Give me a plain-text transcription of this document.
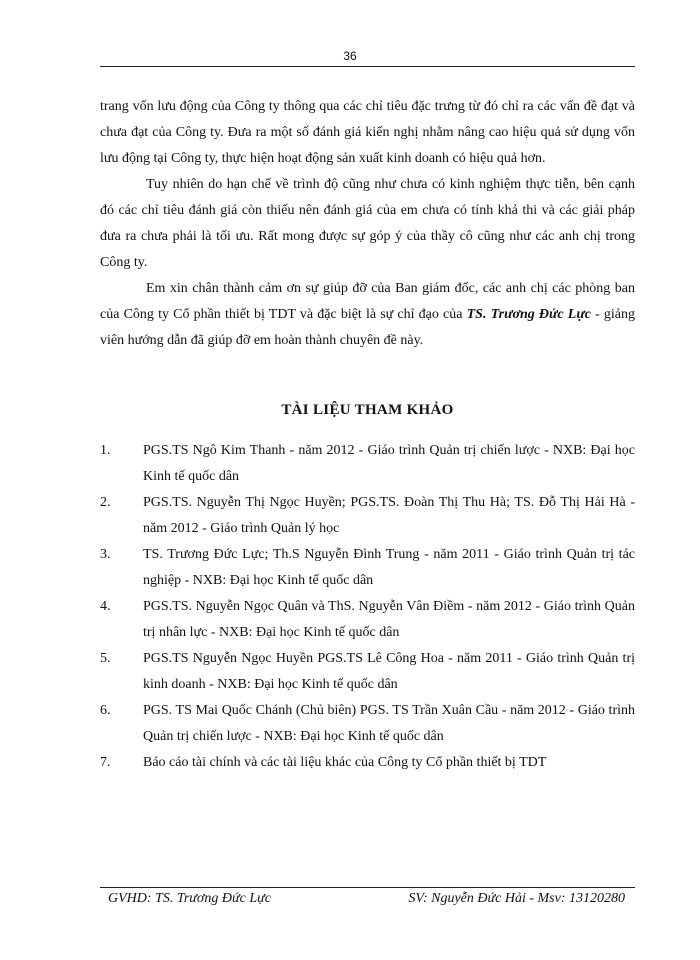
36

trang vốn lưu động của Công ty thông qua các chỉ tiêu đặc trưng từ đó chỉ ra các vấn đề đạt và chưa đạt của Công ty. Đưa ra một số đánh giá kiến nghị nhằm nâng cao hiệu quả sử dụng vốn lưu động tại Công ty, thực hiện hoạt động sản xuất kinh doanh có hiệu quả hơn.

Tuy nhiên do hạn chế về trình độ cũng như chưa có kinh nghiệm thực tiễn, bên cạnh đó các chỉ tiêu đánh giá còn thiếu nên đánh giá của em chưa có tính khả thi và các giải pháp đưa ra chưa phải là tối ưu. Rất mong được sự góp ý của thầy cô cũng như các anh chị trong Công ty.

Em xin chân thành cảm ơn sự giúp đỡ của Ban giám đốc, các anh chị các phòng ban của Công ty Cổ phần thiết bị TDT và đặc biệt là sự chỉ đạo của TS. Trương Đức Lực - giảng viên hướng dẫn đã giúp đỡ em hoàn thành chuyên đề này.

TÀI LIỆU THAM KHẢO
1. PGS.TS Ngô Kim Thanh - năm 2012 - Giáo trình Quản trị chiến lược - NXB: Đại học Kinh tế quốc dân
2. PGS.TS. Nguyễn Thị Ngọc Huyền; PGS.TS. Đoàn Thị Thu Hà; TS. Đỗ Thị Hải Hà - năm 2012 - Giáo trình Quản lý học
3. TS. Trương Đức Lực; Th.S Nguyễn Đình Trung - năm 2011 - Giáo trình Quản trị tác nghiệp - NXB: Đại học Kinh tế quốc dân
4. PGS.TS. Nguyễn Ngọc Quân và ThS. Nguyễn Vân Điềm - năm 2012 - Giáo trình Quản trị nhân lực - NXB: Đại học Kinh tế quốc dân
5. PGS.TS Nguyễn Ngọc Huyền PGS.TS Lê Công Hoa - năm 2011 - Giáo trình Quản trị kinh doanh - NXB: Đại học Kinh tế quốc dân
6. PGS. TS Mai Quốc Chánh (Chủ biên) PGS. TS Trần Xuân Cầu - năm 2012 - Giáo trình Quản trị chiến lược - NXB: Đại học Kinh tế quốc dân
7. Báo cáo tài chính và các tài liệu khác của Công ty Cổ phần thiết bị TDT
GVHD: TS. Trương Đức Lực	SV: Nguyễn Đức Hải - Msv: 13120280
